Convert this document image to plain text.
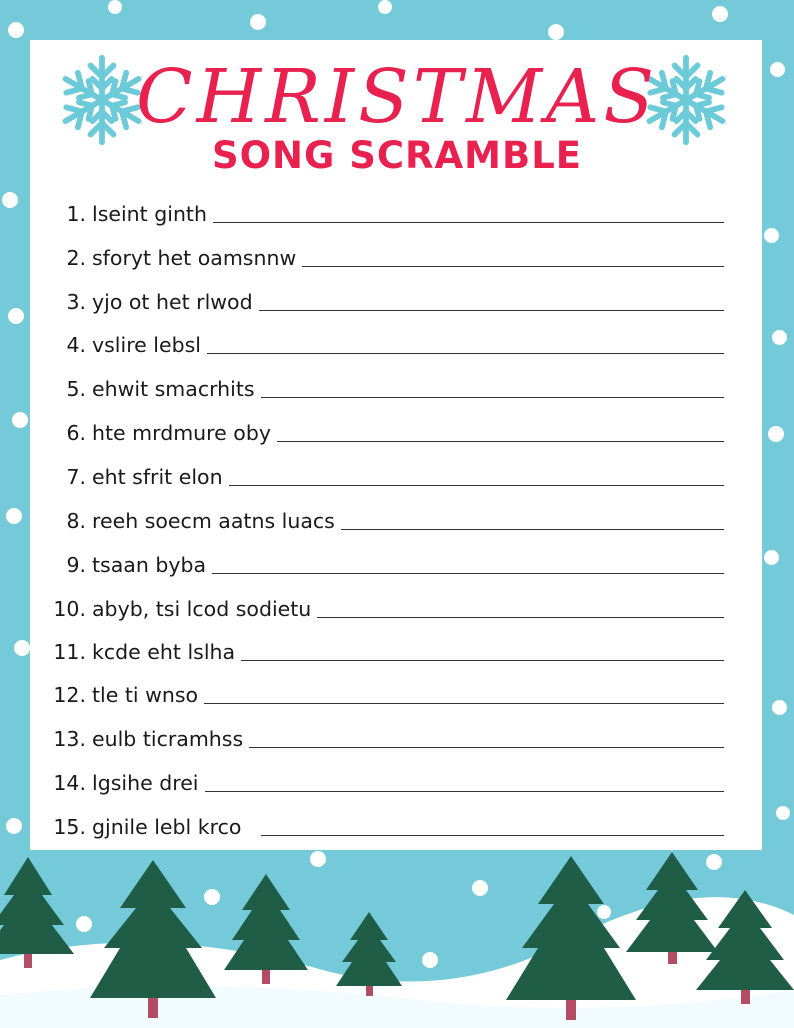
CHRISTMAS
SONG SCRAMBLE
1. lseint ginth
2. sforyt het oamsnnw
3. yjo ot het rlwod
4. vslire lebsl
5. ehwit smacrhits
6. hte mrdmure oby
7. eht sfrit elon
8. reeh soecm aatns luacs
9. tsaan byba
10. abyb, tsi lcod sodietu
11. kcde eht lslha
12. tle ti wnso
13. eulb ticramhss
14. lgsihe drei
15. gjnile lebl krco
